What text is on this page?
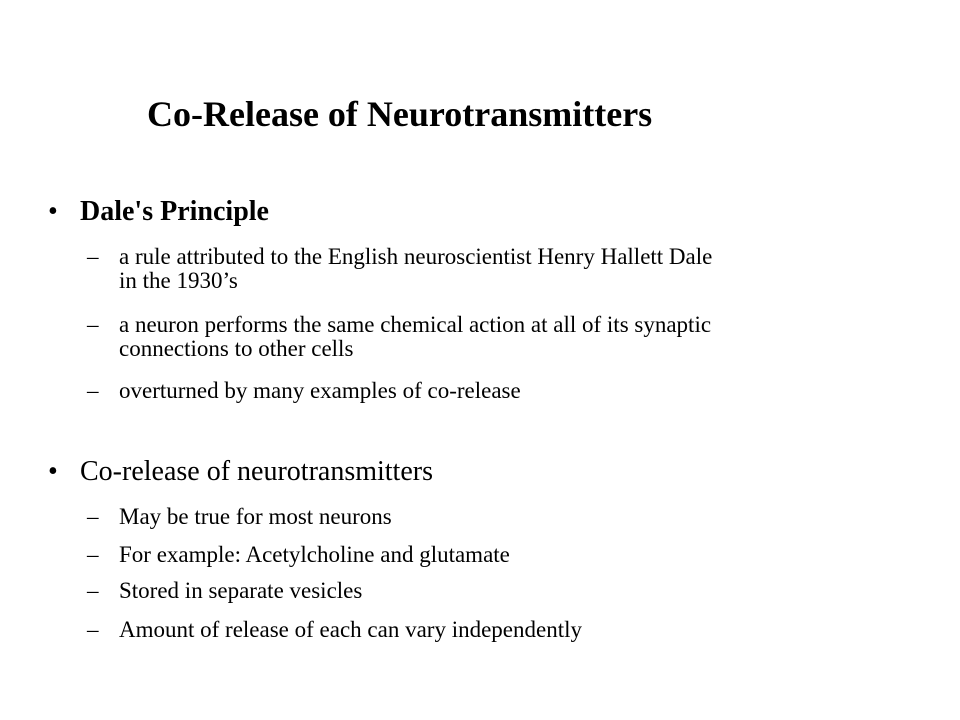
Co-Release of Neurotransmitters
• Dale's Principle
– a rule attributed to the English neuroscientist Henry Hallett Dale
in the 1930’s
– a neuron performs the same chemical action at all of its synaptic
connections to other cells
– overturned by many examples of co-release
• Co-release of neurotransmitters
– May be true for most neurons
– For example: Acetylcholine and glutamate
– Stored in separate vesicles
– Amount of release of each can vary independently
